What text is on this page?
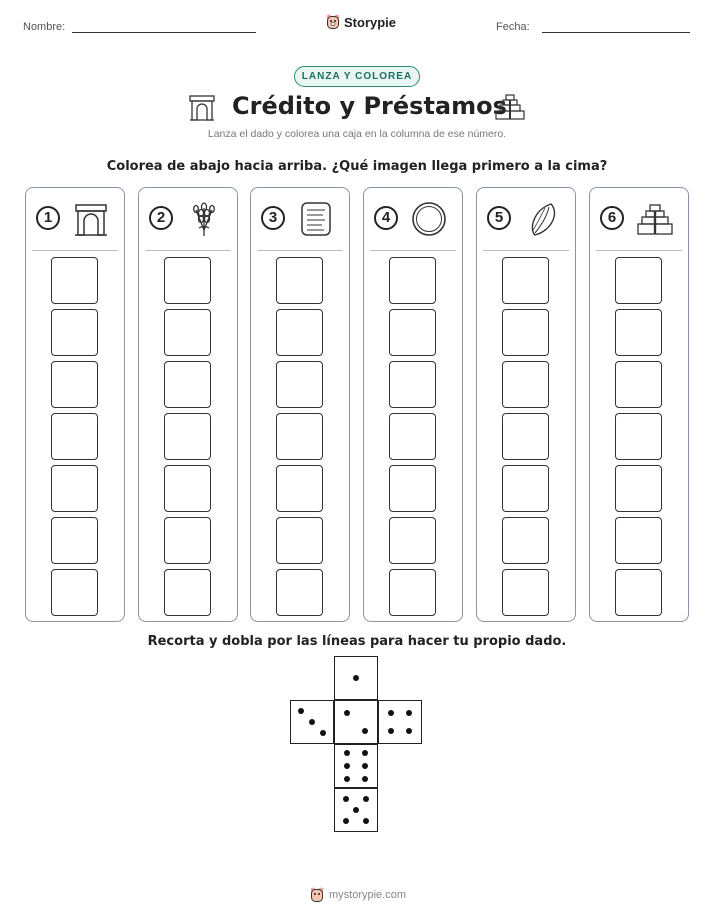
Nombre:	Storypie	Fecha:
LANZA Y COLOREA
Crédito y Préstamos
Lanza el dado y colorea una caja en la columna de ese número.
Colorea de abajo hacia arriba. ¿Qué imagen llega primero a la cima?
1	2	3	4	5	6
Recorta y dobla por las líneas para hacer tu propio dado.
mystorypie.com
